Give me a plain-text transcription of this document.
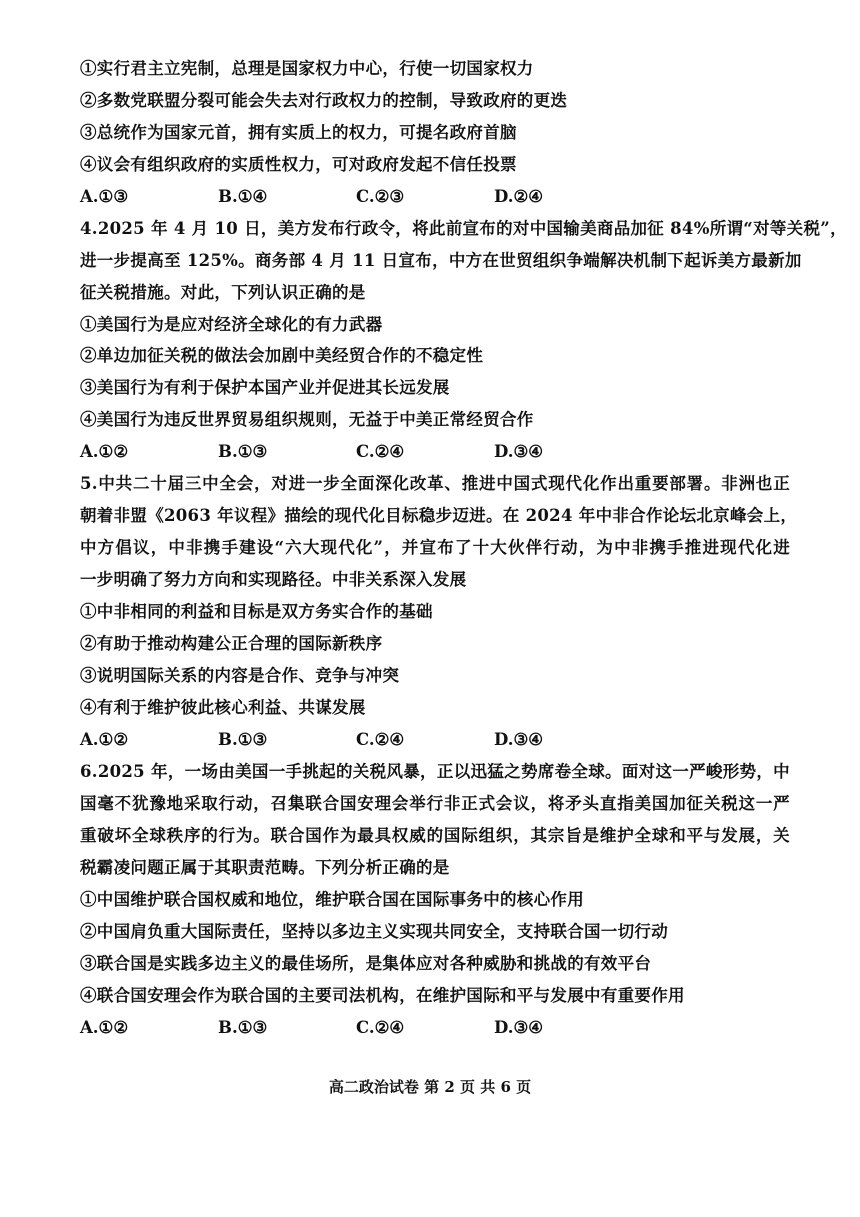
①实行君主立宪制，总理是国家权力中心，行使一切国家权力
②多数党联盟分裂可能会失去对行政权力的控制，导致政府的更迭
③总统作为国家元首，拥有实质上的权力，可提名政府首脑
④议会有组织政府的实质性权力，可对政府发起不信任投票
A.①③	B.①④	C.②③	D.②④
4.2025 年 4 月 10 日，美方发布行政令，将此前宣布的对中国输美商品加征 84%所谓“对等关税”，
进一步提高至 125%。商务部 4 月 11 日宣布，中方在世贸组织争端解决机制下起诉美方最新加
征关税措施。对此，下列认识正确的是
①美国行为是应对经济全球化的有力武器
②单边加征关税的做法会加剧中美经贸合作的不稳定性
③美国行为有利于保护本国产业并促进其长远发展
④美国行为违反世界贸易组织规则，无益于中美正常经贸合作
A.①②	B.①③	C.②④	D.③④
5.中共二十届三中全会，对进一步全面深化改革、推进中国式现代化作出重要部署。非洲也正
朝着非盟《2063 年议程》描绘的现代化目标稳步迈进。在 2024 年中非合作论坛北京峰会上，
中方倡议，中非携手建设“六大现代化”，并宣布了十大伙伴行动，为中非携手推进现代化进
一步明确了努力方向和实现路径。中非关系深入发展
①中非相同的利益和目标是双方务实合作的基础
②有助于推动构建公正合理的国际新秩序
③说明国际关系的内容是合作、竞争与冲突
④有利于维护彼此核心利益、共谋发展
A.①②	B.①③	C.②④	D.③④
6.2025 年，一场由美国一手挑起的关税风暴，正以迅猛之势席卷全球。面对这一严峻形势，中
国毫不犹豫地采取行动，召集联合国安理会举行非正式会议，将矛头直指美国加征关税这一严
重破坏全球秩序的行为。联合国作为最具权威的国际组织，其宗旨是维护全球和平与发展，关
税霸凌问题正属于其职责范畴。下列分析正确的是
①中国维护联合国权威和地位，维护联合国在国际事务中的核心作用
②中国肩负重大国际责任，坚持以多边主义实现共同安全，支持联合国一切行动
③联合国是实践多边主义的最佳场所，是集体应对各种威胁和挑战的有效平台
④联合国安理会作为联合国的主要司法机构，在维护国际和平与发展中有重要作用
A.①②	B.①③	C.②④	D.③④
高二政治试卷 第 2 页 共 6 页
